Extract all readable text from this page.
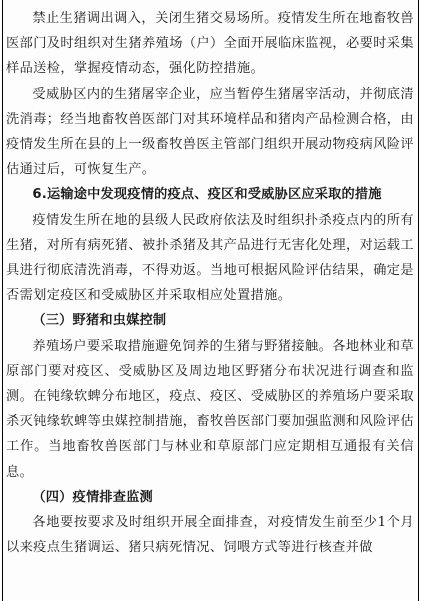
禁止生猪调出调入，关闭生猪交易场所。疫情发生所在地畜牧兽医部门及时组织对生猪养殖场（户）全面开展临床监视，必要时采集样品送检，掌握疫情动态，强化防控措施。

受威胁区内的生猪屠宰企业，应当暂停生猪屠宰活动，并彻底清洗消毒；经当地畜牧兽医部门对其环境样品和猪肉产品检测合格，由疫情发生所在县的上一级畜牧兽医主管部门组织开展动物疫病风险评估通过后，可恢复生产。

6.运输途中发现疫情的疫点、疫区和受威胁区应采取的措施

疫情发生所在地的县级人民政府依法及时组织扑杀疫点内的所有生猪，对所有病死猪、被扑杀猪及其产品进行无害化处理，对运载工具进行彻底清洗消毒，不得劝返。当地可根据风险评估结果，确定是否需划定疫区和受威胁区并采取相应处置措施。

（三）野猪和虫媒控制

养殖场户要采取措施避免饲养的生猪与野猪接触。各地林业和草原部门要对疫区、受威胁区及周边地区野猪分布状况进行调查和监测。在钝缘软蜱分布地区，疫点、疫区、受威胁区的养殖场户要采取杀灭钝缘软蜱等虫媒控制措施，畜牧兽医部门要加强监测和风险评估工作。当地畜牧兽医部门与林业和草原部门应定期相互通报有关信息。

（四）疫情排查监测

各地要按要求及时组织开展全面排查，对疫情发生前至少1个月以来疫点生猪调运、猪只病死情况、饲喂方式等进行核查并做
